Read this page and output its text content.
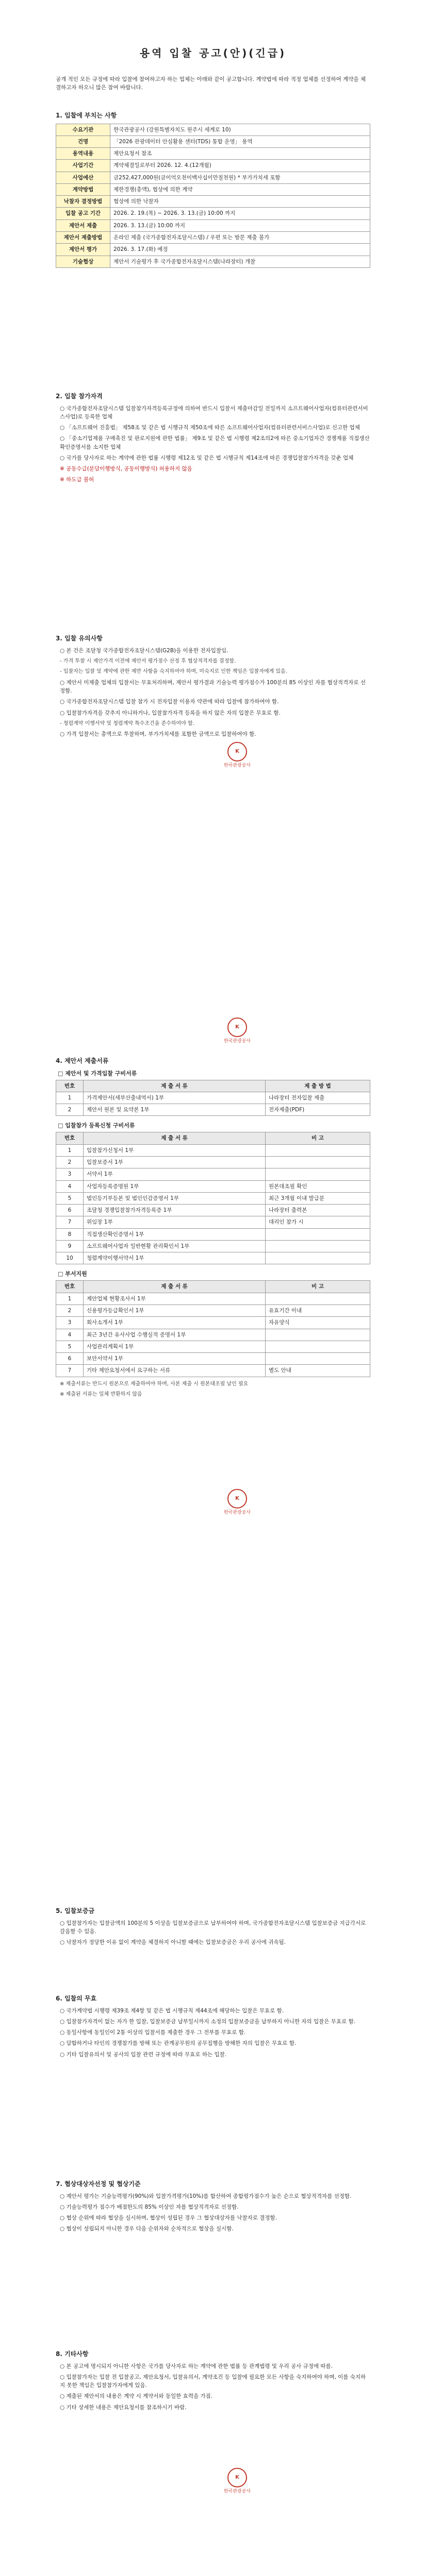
용역 입찰 공고(안)(긴급)
공개 적인 모든 규정에 따라 입찰에 참여하고자 하는 업체는 아래와 같이 공고합니다. 계약법에 따라 적정 업체를 선정하여 계약을 체결하고자 하오니 많은 참여 바랍니다.
1. 입찰에 부치는 사항
수요기관	한국관광공사 (강원특별자치도 원주시 세계로 10)
건명	「2026 관광데이터 안심활용 센터(TDS) 통합 운영」 용역
용역내용	제안요청서 참조
사업기간	계약체결일로부터 2026. 12. 4.(12개월)
사업예산	금252,427,000원(금이억오천이백사십이만칠천원) * 부가가치세 포함
계약방법	제한경쟁(총액), 협상에 의한 계약
낙찰자 결정방법	협상에 의한 낙찰자
입찰 공고 기간	2026. 2. 19.(목) ~ 2026. 3. 13.(금) 10:00 까지
제안서 제출	2026. 3. 13.(금) 10:00 까지
제안서 제출방법	온라인 제출 (국가종합전자조달시스템) / 우편 또는 방문 제출 불가
제안서 평가	2026. 3. 17.(화) 예정
기술협상	제안서 기술평가 후 국가종합전자조달시스템(나라장터) 개찰
2. 입찰 참가자격

○ 국가종합전자조달시스템 입찰참가자격등록규정에 의하여 반드시 입찰서 제출마감일 전일까지 소프트웨어사업자(컴퓨터관련서비스사업)로 등록한 업체

○ 「소프트웨어 진흥법」 제58조 및 같은 법 시행규칙 제50조에 따른 소프트웨어사업자(컴퓨터관련서비스사업)로 신고한 업체

○ 「중소기업제품 구매촉진 및 판로지원에 관한 법률」 제9조 및 같은 법 시행령 제2조의2에 따른 중소기업자간 경쟁제품 직접생산확인증명서를 소지한 업체

○ 국가를 당사자로 하는 계약에 관한 법률 시행령 제12조 및 같은 법 시행규칙 제14조에 따른 경쟁입찰참가자격을 갖춘 업체

※ 공동수급(분담이행방식, 공동이행방식) 허용하지 않음

※ 하도급 불허

3. 입찰 유의사항

○ 본 건은 조달청 국가종합전자조달시스템(G2B)을 이용한 전자입찰임.

- 가격 투찰 시 제안가격 이전에 제안서 평가점수 산정 후 협상적격자를 결정함.

- 입찰자는 입찰 및 계약에 관한 제반 사항을 숙지하여야 하며, 미숙지로 인한 책임은 입찰자에게 있음.

○ 제안서 미제출 업체의 입찰서는 무효처리하며, 제안서 평가결과 기술능력 평가점수가 100분의 85 이상인 자를 협상적격자로 선정함.

○ 국가종합전자조달시스템 입찰 참가 시 전자입찰 이용자 약관에 따라 입찰에 참가하여야 함.

○ 입찰참가자격을 갖추지 아니하거나, 입찰참가자격 등록을 하지 않은 자의 입찰은 무효로 함.

- 청렴계약 이행서약 및 청렴계약 특수조건을 준수하여야 함.

○ 가격 입찰서는 총액으로 투찰하며, 부가가치세를 포함한 금액으로 입찰하여야 함.

K
한국관광공사
K
한국관광공사
4. 제안서 제출서류
□ 제안서 및 가격입찰 구비서류
번호	제 출 서 류	제 출 방 법
1	가격제안서(세부산출내역서) 1부	나라장터 전자입찰 제출
2	제안서 원본 및 요약본 1부	전자제출(PDF)
□ 입찰참가 등록신청 구비서류
번호	제 출 서 류	비 고
1	입찰참가신청서 1부	
2	입찰보증서 1부	
3	서약서 1부	
4	사업자등록증명원 1부	원본대조필 확인
5	법인등기부등본 및 법인인감증명서 1부	최근 3개월 이내 발급분
6	조달청 경쟁입찰참가자격등록증 1부	나라장터 출력본
7	위임장 1부	대리인 참가 시
8	직접생산확인증명서 1부	
9	소프트웨어사업자 일반현황 관리확인서 1부	
10	청렴계약이행서약서 1부	
□ 부서지원
번호	제 출 서 류	비 고
1	제안업체 현황조사서 1부	
2	신용평가등급확인서 1부	유효기간 이내
3	회사소개서 1부	자유양식
4	최근 3년간 유사사업 수행실적 증명서 1부	
5	사업관리계획서 1부	
6	보안서약서 1부	
7	기타 제안요청서에서 요구하는 서류	별도 안내

※ 제출서류는 반드시 원본으로 제출하여야 하며, 사본 제출 시 원본대조필 날인 필요

※ 제출된 서류는 일체 반환하지 않음

K
한국관광공사
5. 입찰보증금

○ 입찰참가자는 입찰금액의 100분의 5 이상을 입찰보증금으로 납부하여야 하며, 국가종합전자조달시스템 입찰보증금 지급각서로 갈음할 수 있음.

○ 낙찰자가 정당한 이유 없이 계약을 체결하지 아니할 때에는 입찰보증금은 우리 공사에 귀속됨.

6. 입찰의 무효

○ 국가계약법 시행령 제39조 제4항 및 같은 법 시행규칙 제44조에 해당하는 입찰은 무효로 함.

○ 입찰참가자격이 없는 자가 한 입찰, 입찰보증금 납부일시까지 소정의 입찰보증금을 납부하지 아니한 자의 입찰은 무효로 함.

○ 동일사항에 동일인이 2통 이상의 입찰서를 제출한 경우 그 전부를 무효로 함.

○ 담합하거나 타인의 경쟁참가를 방해 또는 관계공무원의 공무집행을 방해한 자의 입찰은 무효로 함.

○ 기타 입찰유의서 및 공사의 입찰 관련 규정에 따라 무효로 하는 입찰.

7. 협상대상자선정 및 협상기준

○ 제안서 평가는 기술능력평가(90%)와 입찰가격평가(10%)를 합산하여 종합평가점수가 높은 순으로 협상적격자를 선정함.

○ 기술능력평가 점수가 배점한도의 85% 이상인 자를 협상적격자로 선정함.

○ 협상 순위에 따라 협상을 실시하며, 협상이 성립된 경우 그 협상대상자를 낙찰자로 결정함.

○ 협상이 성립되지 아니한 경우 다음 순위자와 순차적으로 협상을 실시함.

8. 기타사항

○ 본 공고에 명시되지 아니한 사항은 국가를 당사자로 하는 계약에 관한 법률 등 관계법령 및 우리 공사 규정에 따름.

○ 입찰참가자는 입찰 전 입찰공고, 제안요청서, 입찰유의서, 계약조건 등 입찰에 필요한 모든 사항을 숙지하여야 하며, 이를 숙지하지 못한 책임은 입찰참가자에게 있음.

○ 제출된 제안서의 내용은 계약 시 계약서와 동일한 효력을 가짐.

○ 기타 상세한 내용은 제안요청서를 참조하시기 바람.

K
한국관광공사
